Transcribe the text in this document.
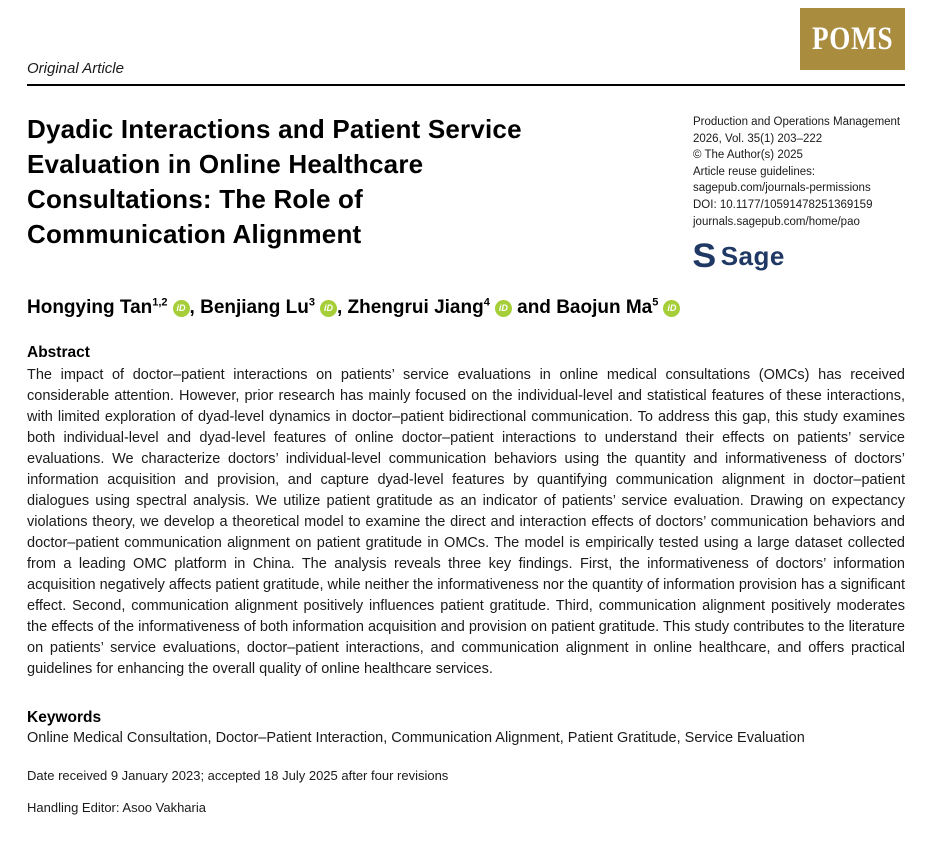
Original Article
POMS
Dyadic Interactions and Patient Service
Evaluation in Online Healthcare
Consultations: The Role of
Communication Alignment
Production and Operations Management
2026, Vol. 35(1) 203–222
© The Author(s) 2025
Article reuse guidelines:
sagepub.com/journals-permissions
DOI: 10.1177/10591478251369159
journals.sagepub.com/home/pao
S Sage
Hongying Tan$^{1,2}$	iD , Benjiang Lu$^3$	iD , Zhengrui Jiang$^4$	iD and Baojun Ma$^5$	iD
Abstract

The impact of doctor–patient interactions on patients’ service evaluations in online medical consultations (OMCs) has received considerable attention. However, prior research has mainly focused on the individual-level and statistical features of these interactions, with limited exploration of dyad-level dynamics in doctor–patient bidirectional communication. To address this gap, this study examines both individual-level and dyad-level features of online doctor–patient interactions to understand their effects on patients’ service evaluations. We characterize doctors’ individual-level communication behaviors using the quantity and informativeness of doctors’ information acquisition and provision, and capture dyad-level features by quantifying communication alignment in doctor–patient dialogues using spectral analysis. We utilize patient gratitude as an indicator of patients’ service evaluation. Drawing on expectancy violations theory, we develop a theoretical model to examine the direct and interaction effects of doctors’ communication behaviors and doctor–patient communication alignment on patient gratitude in OMCs. The model is empirically tested using a large dataset collected from a leading OMC platform in China. The analysis reveals three key findings. First, the informativeness of doctors’ information acquisition negatively affects patient gratitude, while neither the informativeness nor the quantity of information provision has a significant effect. Second, communication alignment positively influences patient gratitude. Third, communication alignment positively moderates the effects of the informativeness of both information acquisition and provision on patient gratitude. This study contributes to the literature on patients’ service evaluations, doctor–patient interactions, and communication alignment in online healthcare, and offers practical guidelines for enhancing the overall quality of online healthcare services.

Keywords

Online Medical Consultation, Doctor–Patient Interaction, Communication Alignment, Patient Gratitude, Service Evaluation

Date received 9 January 2023; accepted 18 July 2025 after four revisions

Handling Editor: Asoo Vakharia
